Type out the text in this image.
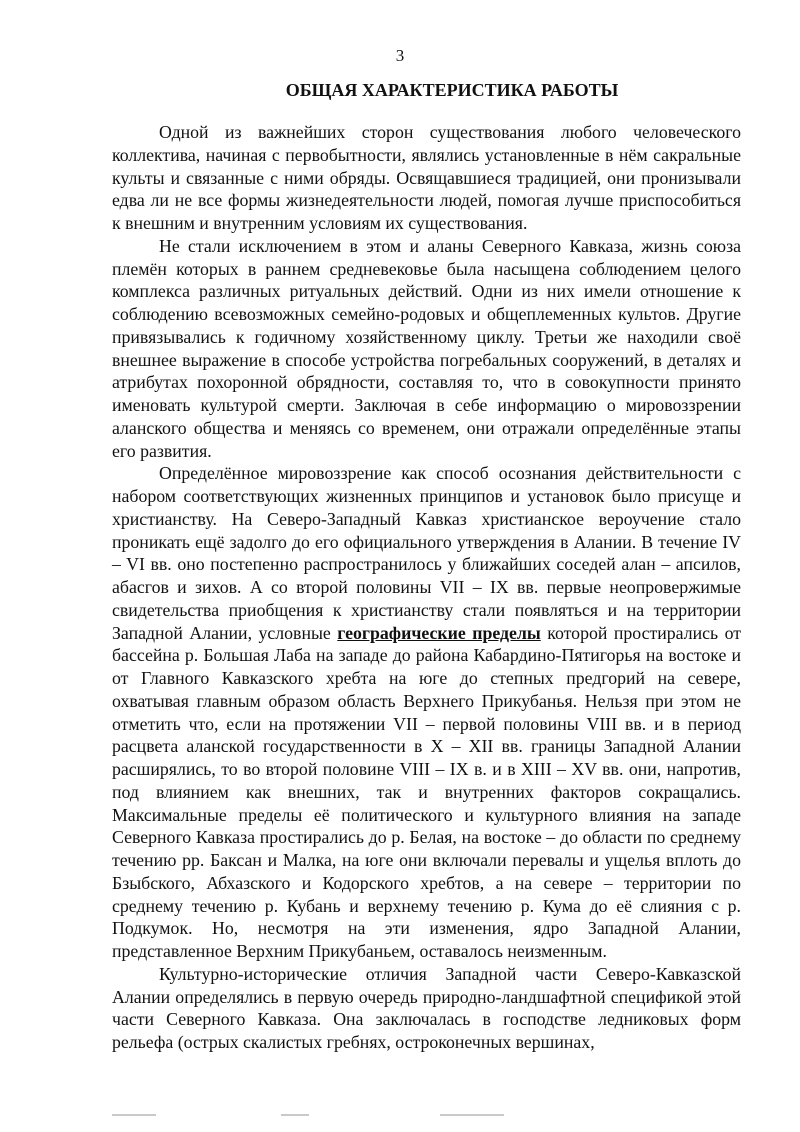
3
ОБЩАЯ ХАРАКТЕРИСТИКА РАБОТЫ

Одной из важнейших сторон существования любого человеческого коллектива, начиная с первобытности, являлись установленные в нём сакральные культы и связанные с ними обряды. Освящавшиеся традицией, они пронизывали едва ли не все формы жизнедеятельности людей, помогая лучше приспособиться к внешним и внутренним условиям их существования.

Не стали исключением в этом и аланы Северного Кавказа, жизнь союза племён которых в раннем средневековье была насыщена соблюдением целого комплекса различных ритуальных действий. Одни из них имели отношение к соблюдению всевозможных семейно-родовых и общеплеменных культов. Другие привязывались к годичному хозяйственному циклу. Третьи же находили своё внешнее выражение в способе устройства погребальных сооружений, в деталях и атрибутах похоронной обрядности, составляя то, что в совокупности принято именовать культурой смерти. Заключая в себе информацию о мировоззрении аланского общества и меняясь со временем, они отражали определённые этапы его развития.

Определённое мировоззрение как способ осознания действительности с набором соответствующих жизненных принципов и установок было присуще и христианству. На Северо-Западный Кавказ христианское вероучение стало проникать ещё задолго до его официального утверждения в Алании. В течение IV – VI вв. оно постепенно распространилось у ближайших соседей алан – апсилов, абасгов и зихов. А со второй половины VII – IX вв. первые неопровержимые свидетельства приобщения к христианству стали появляться и на территории Западной Алании, условные географические пределы которой простирались от бассейна р. Большая Лаба на западе до района Кабардино-Пятигорья на востоке и от Главного Кавказского хребта на юге до степных предгорий на севере, охватывая главным образом область Верхнего Прикубанья. Нельзя при этом не отметить что, если на протяжении VII – первой половины VIII вв. и в период расцвета аланской государственности в X – XII вв. границы Западной Алании расширялись, то во второй половине VIII – IX в. и в XIII – XV вв. они, напротив, под влиянием как внешних, так и внутренних факторов сокращались. Максимальные пределы её политического и культурного влияния на западе Северного Кавказа простирались до р. Белая, на востоке – до области по среднему течению рр. Баксан и Малка, на юге они включали перевалы и ущелья вплоть до Бзыбского, Абхазского и Кодорского хребтов, а на севере – территории по среднему течению р. Кубань и верхнему течению р. Кума до её слияния с р. Подкумок. Но, несмотря на эти изменения, ядро Западной Алании, представленное Верхним Прикубаньем, оставалось неизменным.

Культурно-исторические отличия Западной части Северо-Кавказской Алании определялись в первую очередь природно-ландшафтной спецификой этой части Северного Кавказа. Она заключалась в господстве ледниковых форм рельефа (острых скалистых гребнях, остроконечных вершинах,
